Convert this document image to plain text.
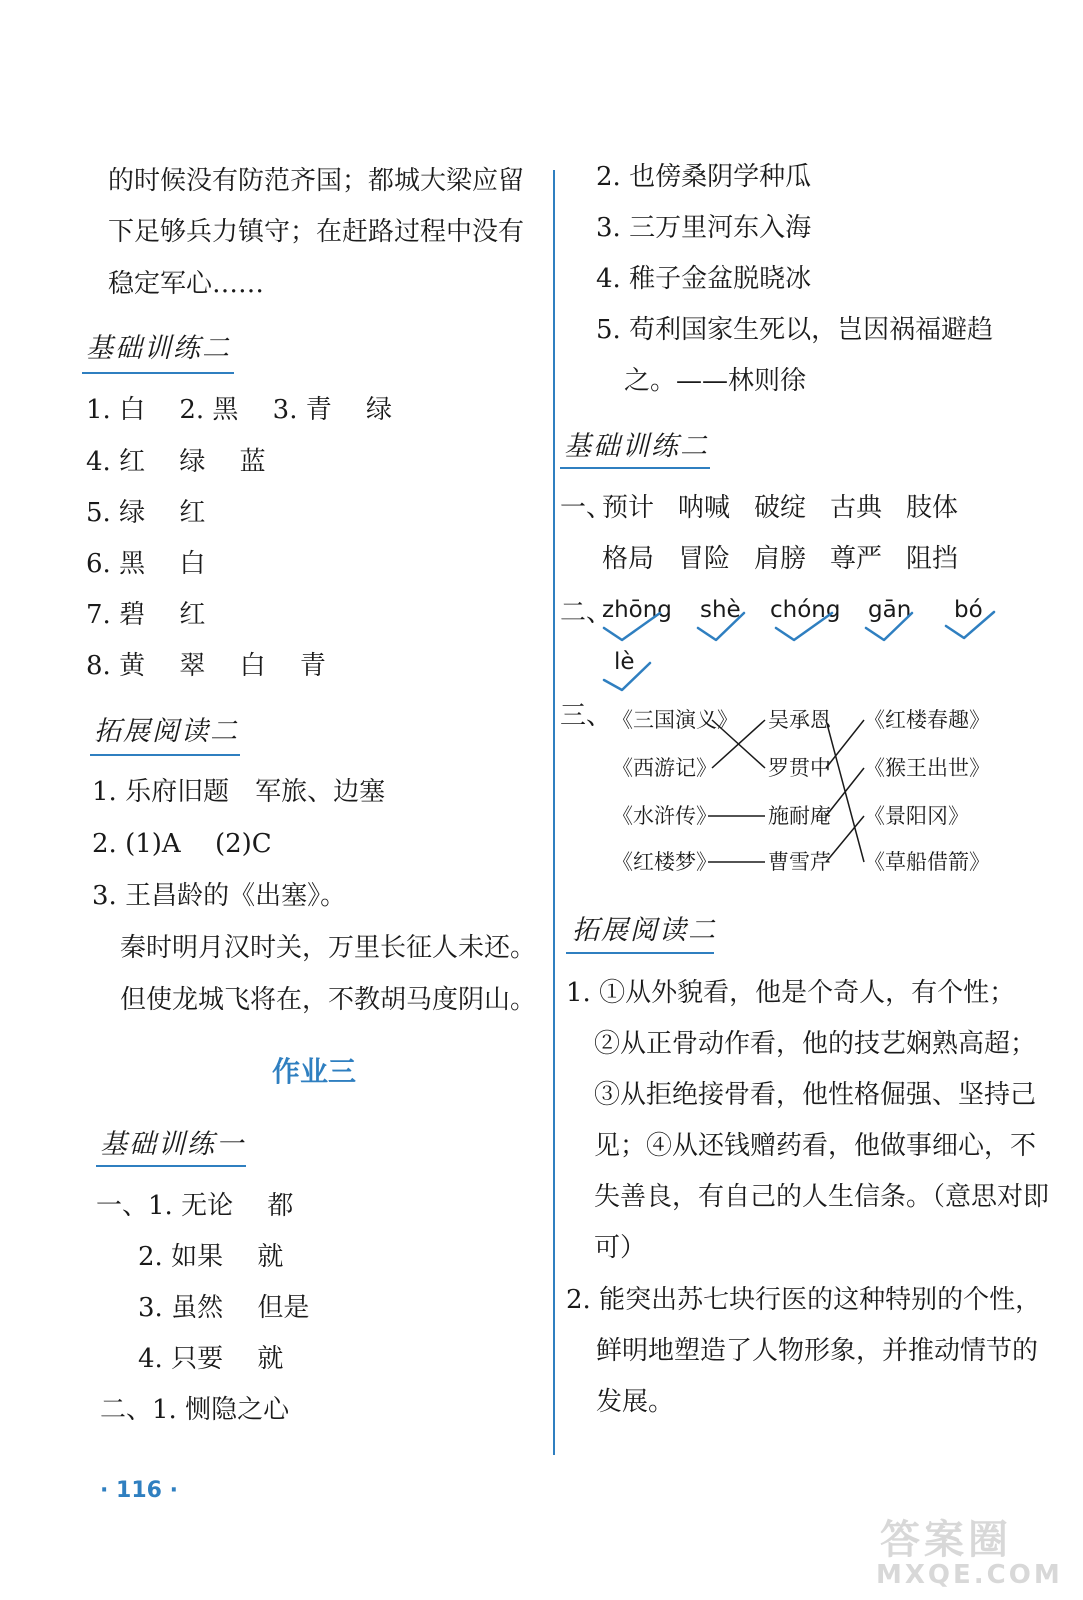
的时候没有防范齐国；都城大梁应留
下足够兵力镇守；在赶路过程中没有
稳定军心……
基础训练二
1. 白　 2. 黑　 3. 青　 绿
4. 红　 绿　 蓝
5. 绿　 红
6. 黑　 白
7. 碧　 红
8. 黄　 翠　 白　 青
拓展阅读二
1. 乐府旧题　军旅、边塞
2. (1)A　 (2)C
3. 王昌龄的《出塞》。
秦时明月汉时关，万里长征人未还。
但使龙城飞将在，不教胡马度阴山。
作业三
基础训练一
一、1. 无论　 都
2. 如果　 就
3. 虽然　 但是
4. 只要　 就
二、1. 恻隐之心
· 116 ·
2. 也傍桑阴学种瓜
3. 三万里河东入海
4. 稚子金盆脱晓冰
5. 苟利国家生死以，岂因祸福避趋
之。——林则徐
基础训练二
一、
预计 呐喊 破绽 古典 肢体
格局 冒险 肩膀 尊严 阻挡
二、
zhōng shè chóng gān bó
lè
三、 《三国演义》
《西游记》
《水浒传》
《红楼梦》
吴承恩
罗贯中
施耐庵
曹雪芹
《红楼春趣》
《猴王出世》
《景阳冈》
《草船借箭》
拓展阅读二
1. ①从外貌看，他是个奇人，有个性；
②从正骨动作看，他的技艺娴熟高超；
③从拒绝接骨看，他性格倔强、坚持己
见；④从还钱赠药看，他做事细心，不
失善良，有自己的人生信条。（意思对即
可）
2. 能突出苏七块行医的这种特别的个性，
鲜明地塑造了人物形象，并推动情节的
发展。
答案圈
MXQE.COM
